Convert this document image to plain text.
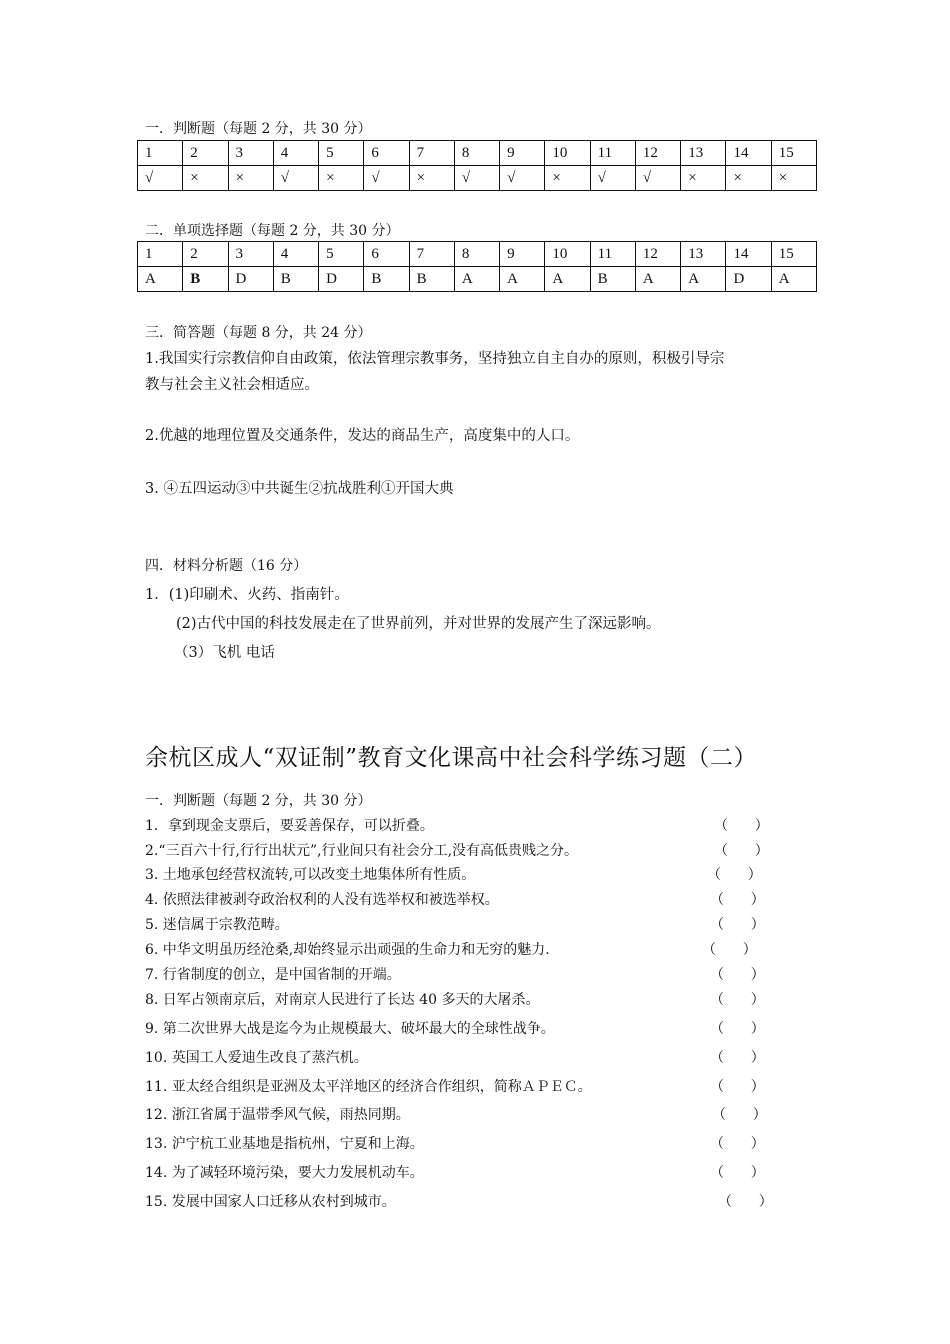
一．判断题（每题 2 分，共 30 分）
1	2	3	4	5	6	7	8	9	10	11	12	13	14	15
√	×	×	√	×	√	×	√	√	×	√	√	×	×	×
二．单项选择题（每题 2 分，共 30 分）
1	2	3	4	5	6	7	8	9	10	11	12	13	14	15
A	B	D	B	D	B	B	A	A	A	B	A	A	D	A
三．简答题（每题 8 分，共 24 分）
1.我国实行宗教信仰自由政策，依法管理宗教事务，坚持独立自主自办的原则，积极引导宗
教与社会主义社会相适应。
2.优越的地理位置及交通条件，发达的商品生产，高度集中的人口。
3. ④五四运动③中共诞生②抗战胜利①开国大典
四．材料分析题（16 分）
1．(1)印刷术、火药、指南针。
(2)古代中国的科技发展走在了世界前列，并对世界的发展产生了深远影响。
（3）飞机 电话
余杭区成人“双证制”教育文化课高中社会科学练习题（二）
一．判断题（每题 2 分，共 30 分）
1．拿到现金支票后，要妥善保存，可以折叠。	（      ）
2.“三百六十行,行行出状元”,行业间只有社会分工,没有高低贵贱之分。	（      ）
3. 土地承包经营权流转,可以改变土地集体所有性质。	（      ）
4. 依照法律被剥夺政治权利的人没有选举权和被选举权。	（      ）
5. 迷信属于宗教范畴。	（      ）
6. 中华文明虽历经沧桑,却始终显示出顽强的生命力和无穷的魅力.	（      ）
7. 行省制度的创立，是中国省制的开端。	（      ）
8. 日军占领南京后，对南京人民进行了长达 40 多天的大屠杀。	（      ）
9. 第二次世界大战是迄今为止规模最大、破坏最大的全球性战争。	（      ）
10. 英国工人爱迪生改良了蒸汽机。	（      ）
11. 亚太经合组织是亚洲及太平洋地区的经济合作组织，简称ＡＰＥＣ。	（      ）
12. 浙江省属于温带季风气候，雨热同期。	（      ）
13. 沪宁杭工业基地是指杭州，宁夏和上海。	（      ）
14. 为了减轻环境污染，要大力发展机动车。	（      ）
15. 发展中国家人口迁移从农村到城市。	（      ）
